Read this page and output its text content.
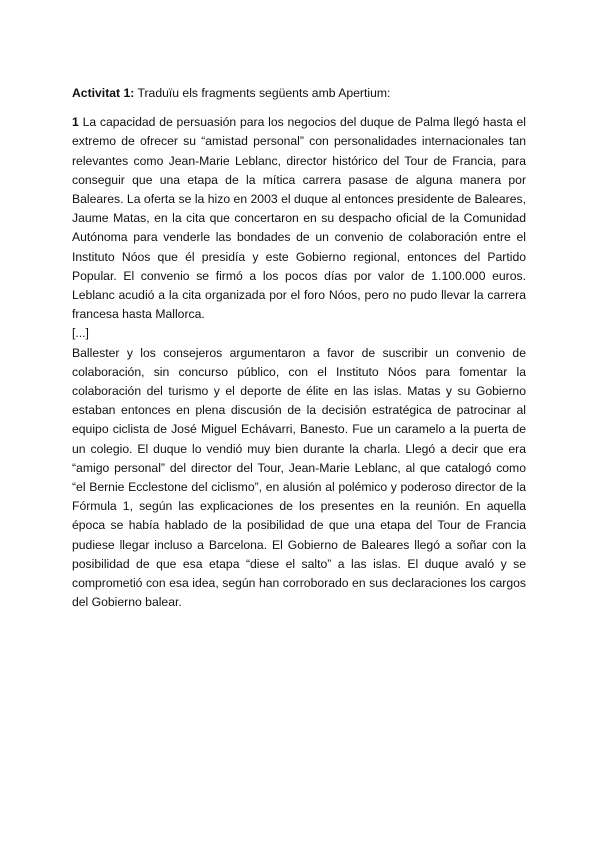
Activitat 1: Traduïu els fragments següents amb Apertium:

1 La capacidad de persuasión para los negocios del duque de Palma llegó hasta el extremo de ofrecer su “amistad personal” con personalidades internacionales tan relevantes como Jean-Marie Leblanc, director histórico del Tour de Francia, para conseguir que una etapa de la mítica carrera pasase de alguna manera por Baleares. La oferta se la hizo en 2003 el duque al entonces presidente de Baleares, Jaume Matas, en la cita que concertaron en su despacho oficial de la Comunidad Autónoma para venderle las bondades de un convenio de colaboración entre el Instituto Nóos que él presidía y este Gobierno regional, entonces del Partido Popular. El convenio se firmó a los pocos días por valor de 1.100.000 euros. Leblanc acudió a la cita organizada por el foro Nóos, pero no pudo llevar la carrera francesa hasta Mallorca.

[...]

Ballester y los consejeros argumentaron a favor de suscribir un convenio de colaboración, sin concurso público, con el Instituto Nóos para fomentar la colaboración del turismo y el deporte de élite en las islas. Matas y su Gobierno estaban entonces en plena discusión de la decisión estratégica de patrocinar al equipo ciclista de José Miguel Echávarri, Banesto. Fue un caramelo a la puerta de un colegio. El duque lo vendió muy bien durante la charla. Llegó a decir que era “amigo personal” del director del Tour, Jean-Marie Leblanc, al que catalogó como “el Bernie Ecclestone del ciclismo”, en alusión al polémico y poderoso director de la Fórmula 1, según las explicaciones de los presentes en la reunión. En aquella época se había hablado de la posibilidad de que una etapa del Tour de Francia pudiese llegar incluso a Barcelona. El Gobierno de Baleares llegó a soñar con la posibilidad de que esa etapa “diese el salto” a las islas. El duque avaló y se comprometió con esa idea, según han corroborado en sus declaraciones los cargos del Gobierno balear.
